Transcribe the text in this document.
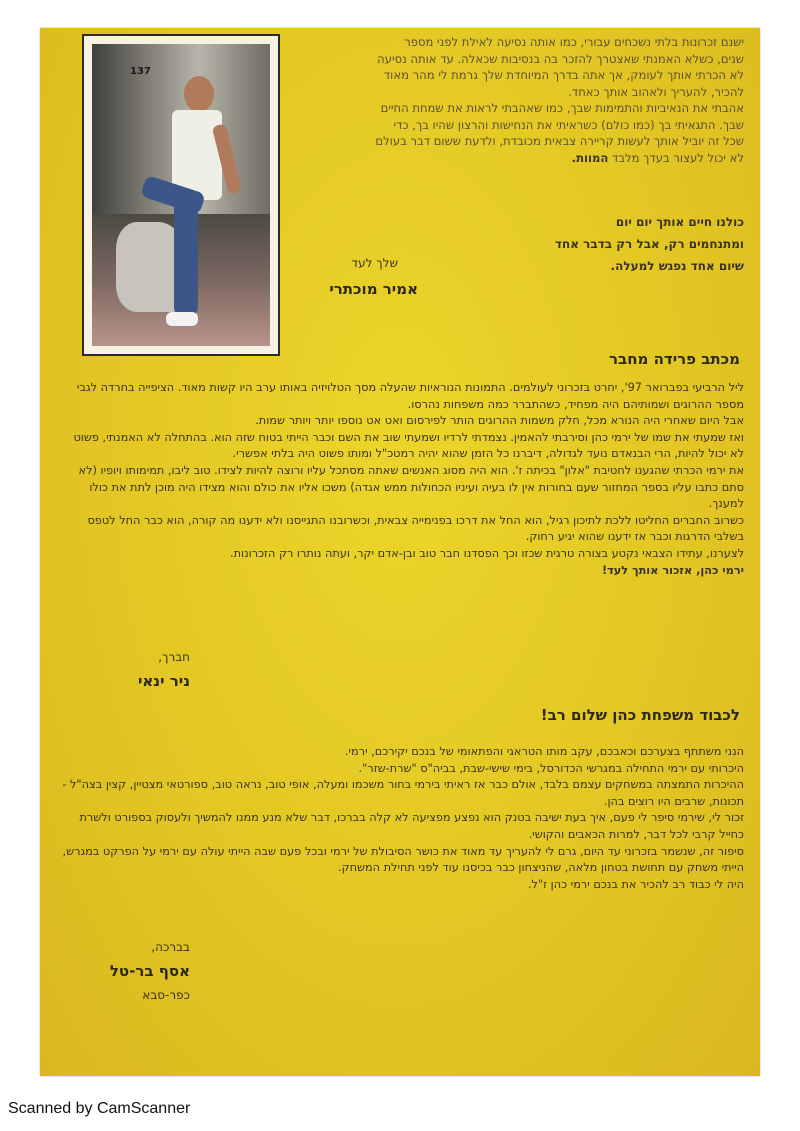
137
ישנם זכרונות בלתי נשכחים עבורי, כמו אותה נסיעה לאילת לפני מספר
שנים, כשלא האמנתי שאצטרך להזכר בה בנסיבות שכאלה. עד אותה נסיעה
לא הכרתי אותך לעומק, אך אתה בדרך המיוחדת שלך גרמת לי מהר מאוד
להכיר, להעריך ולאהוב אותך כאחד.
אהבתי את הנאיביות והתמימות שבך, כמו שאהבתי לראות את שמחת החיים
שבך. התגאיתי בך (כמו כולם) כשראיתי את הנחישות והרצון שהיו בך, כדי
שכל זה יוביל אותך לעשות קריירה צבאית מכובדת, ולדעת ששום דבר בעולם
לא יכול לעצור בעדך מלבד המוות.
כולנו חיים אותך יום יום
ומתנחמים רק, אבל רק בדבר אחד
שיום אחד נפגש למעלה.
שלך לעד
אמיר מוכתרי
מכתב פרידה מחבר

ליל הרביעי בפברואר 97', יחרט בזכרוני לעולמים. התמונות הנוראיות שהעלה מסך הטלויזיה באותו ערב היו קשות מאוד. הציפייה בחרדה לגבי מספר ההרוגים ושמותיהם היה מפחיד, כשהתברר כמה משפחות נהרסו.

אבל היום שאחרי היה הנורא מכל, חלק משמות ההרוגים הותר לפירסום ואט אט נוספו יותר ויותר שמות.

ואז שמעתי את שמו של ירמי כהן וסירבתי להאמין. נצמדתי לרדיו ושמעתי שוב את השם וכבר הייתי בטוח שזה הוא. בהתחלה לא האמנתי, פשוט לא יכול להיות, הרי הבנאדם נועד לגדולה, דיברנו כל הזמן שהוא יהיה רמטכ"ל ומותו פשוט היה בלתי אפשרי.

את ירמי הכרתי שהגענו לחטיבת "אלון" בכיתה ז'. הוא היה מסוג האנשים שאתה מסתכל עליו ורוצה להיות לצידו. טוב ליבו, תמימותו ויופיו (לא סתם כתבו עליו בספר המחזור שעם בחורות אין לו בעיה ועיניו הכחולות ממש אגדה) משכו אליו את כולם והוא מצידו היה מוכן לתת את כולו למענך.

כשרוב החברים החליטו ללכת לתיכון רגיל, הוא החל את דרכו בפנימייה צבאית, וכשרובנו התגייסנו ולא ידענו מה קורה, הוא כבר החל לטפס בשלבי הדרגות וכבר אז ידענו שהוא יגיע רחוק.

לצערנו, עתידו הצבאי נקטע בצורה טרגית שכזו וכך הפסדנו חבר טוב ובן-אדם יקר, ועתה נותרו רק הזכרונות.

ירמי כהן, אזכור אותך לעד!

חברך,
ניר ינאי
לכבוד משפחת כהן שלום רב!

הנני משתתף בצערכם וכאבכם, עקב מותו הטראגי והפתאומי של בנכם יקירכם, ירמי.

היכרותי עם ירמי התחילה במגרשי הכדורסל, בימי שישי-שבת, בביה"ס "שרת-שזר".

ההיכרות התמצתה במשחקים עצמם בלבד, אולם כבר אז ראיתי בירמי בחור משכמו ומעלה, אופי טוב, נראה טוב, ספורטאי מצטיין, קצין בצה"ל - תכונות, שרבים היו רוצים בהן.

זכור לי, שירמי סיפר לי פעם, איך בעת ישיבה בטנק הוא נפצע מפציעה לא קלה בברכו, דבר שלא מנע ממנו להמשיך ולעסוק בספורט ולשרת כחייל קרבי לכל דבר, למרות הכאבים והקושי.

סיפור זה, שנשמר בזכרוני עד היום, גרם לי להעריך עד מאוד את כושר הסיבולת של ירמי ובכל פעם שבה הייתי עולה עם ירמי על הפרקט במגרש, הייתי משחק עם תחושת בטחון מלאה, שהניצחון כבר בכיסנו עוד לפני תחילת המשחק.

היה לי כבוד רב להכיר את בנכם ירמי כהן ז"ל.

בברכה,
אסף בר-טל
כפר-סבא
Scanned by CamScanner
